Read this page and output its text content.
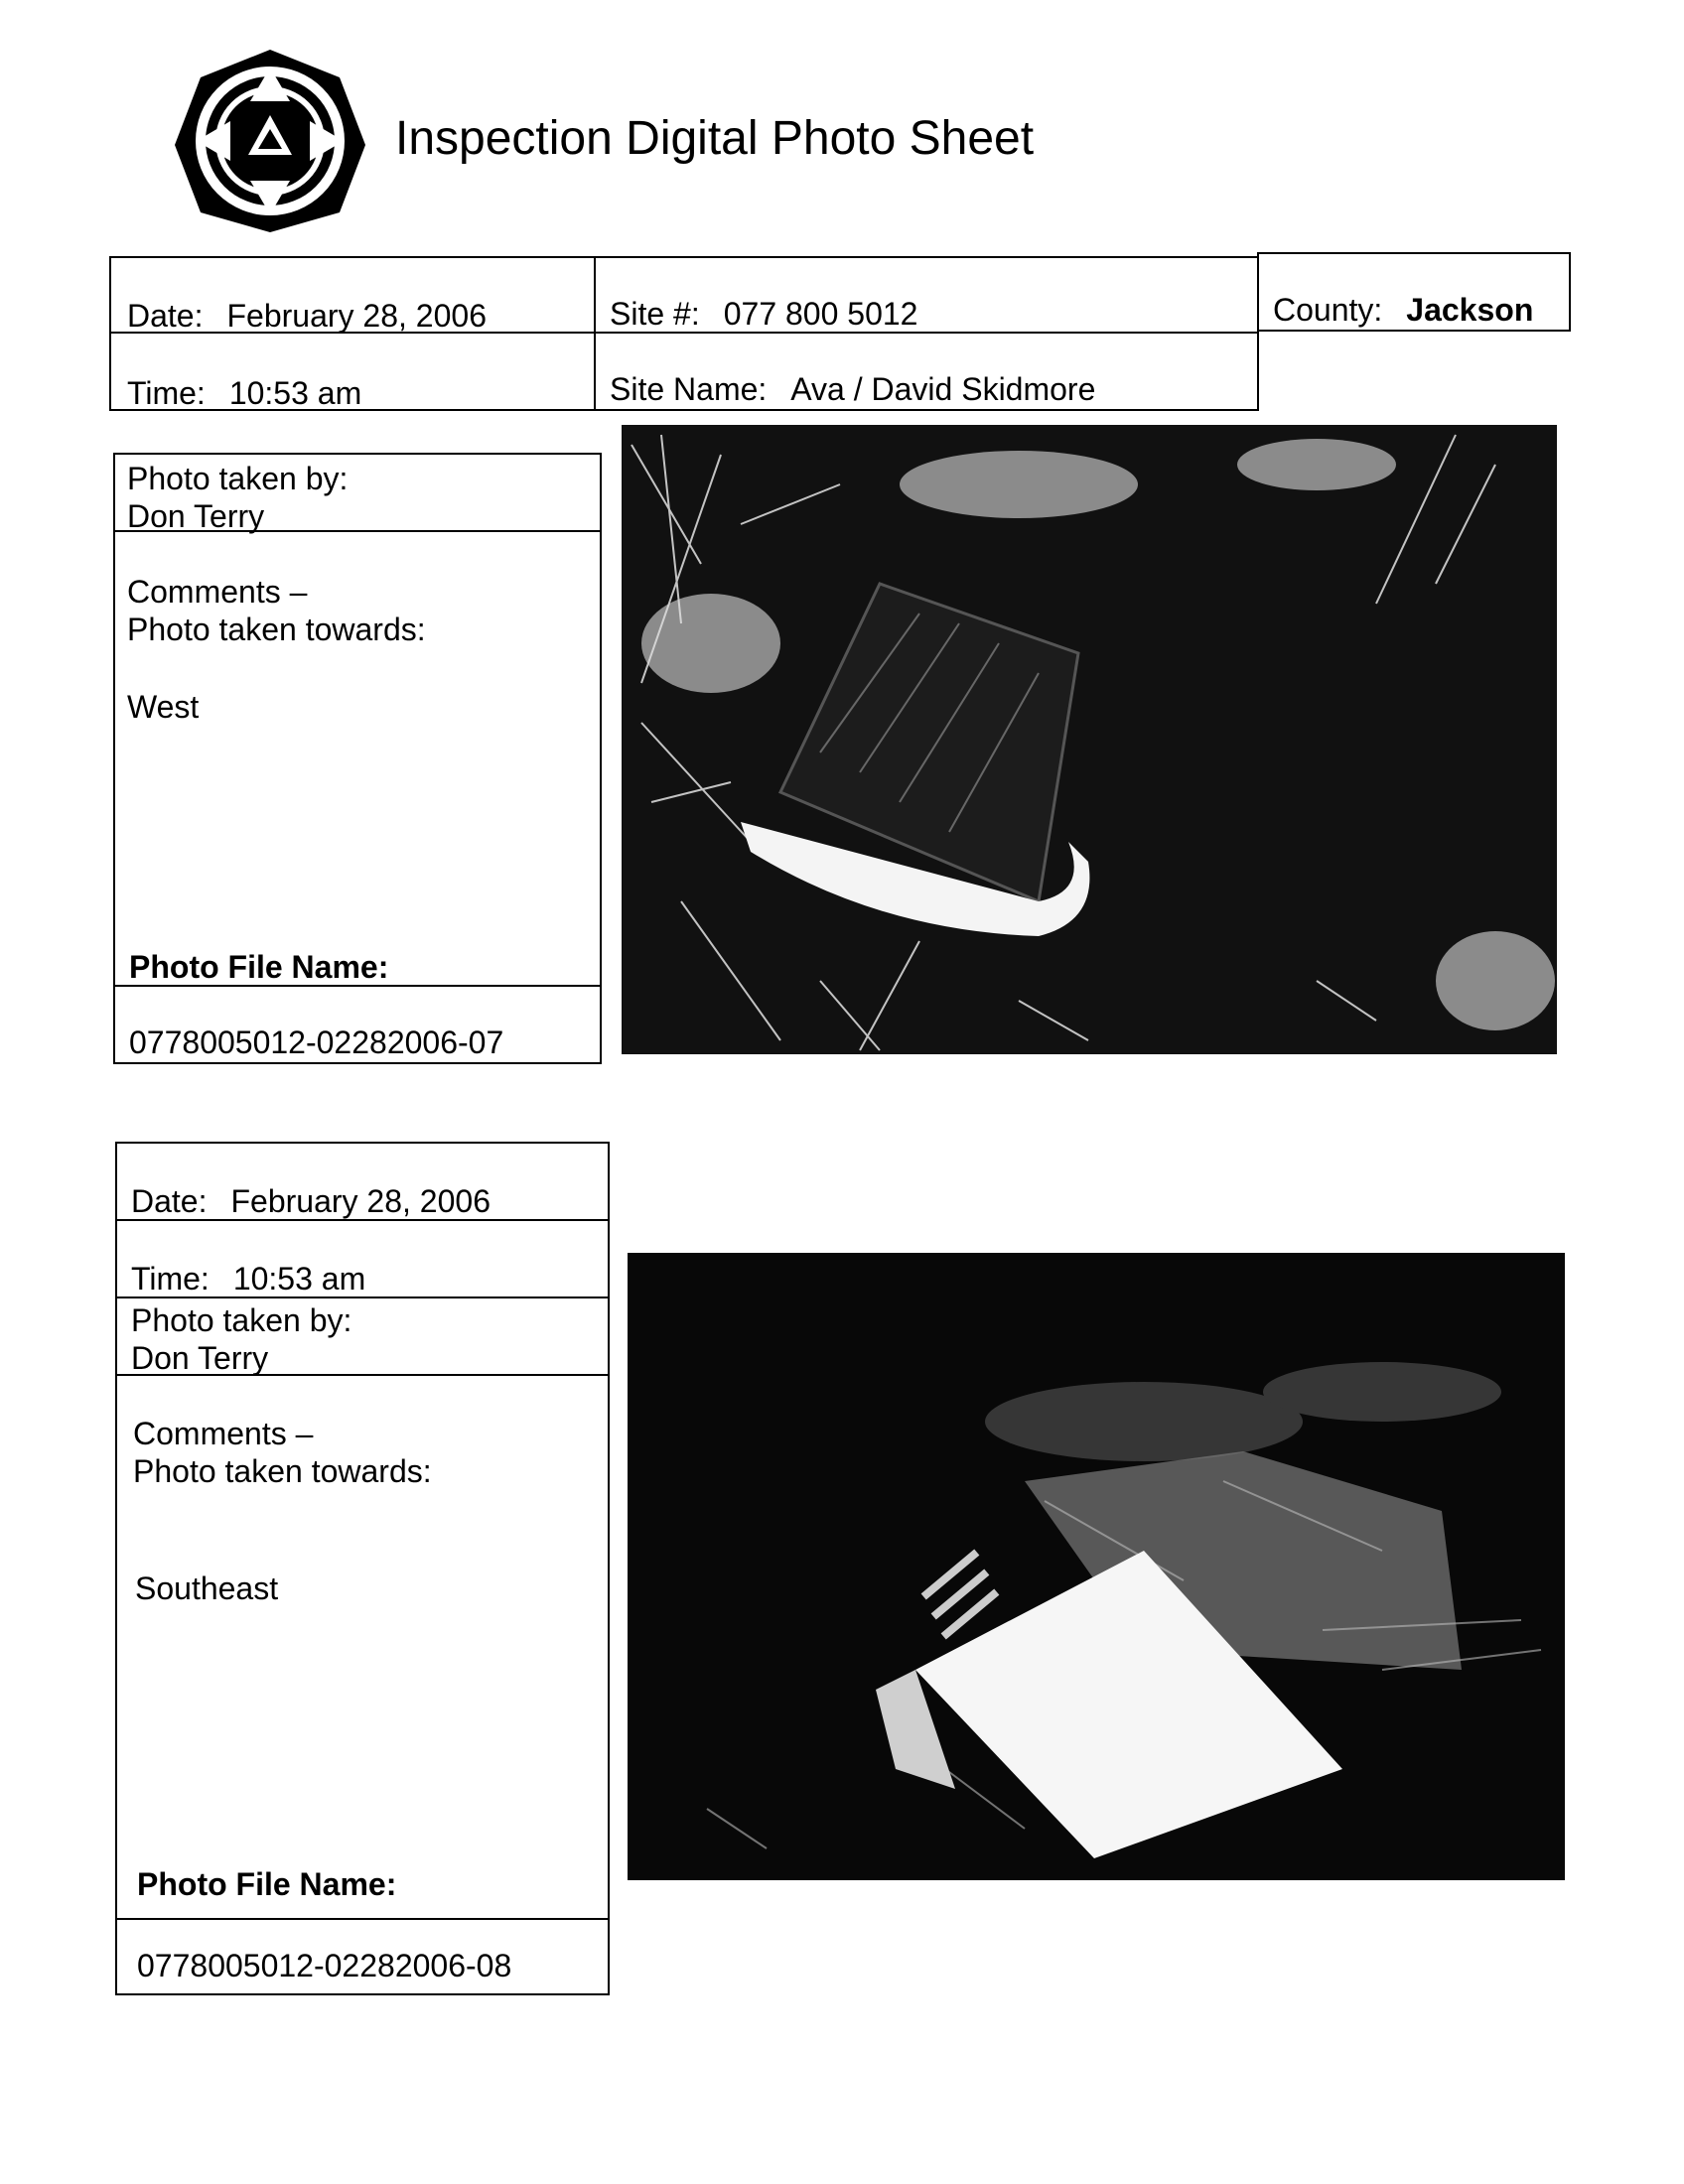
Inspection Digital Photo Sheet
Date: February 28, 2006	Site #: 077 800 5012	County: Jackson
Time: 10:53 am	Site Name: Ava / David Skidmore
Photo taken by:
Don Terry
Comments –
Photo taken towards:
West
Photo File Name:
0778005012-02282006-07
Date: February 28, 2006
Time: 10:53 am
Photo taken by:
Don Terry
Comments –
Photo taken towards:
Southeast
Photo File Name:
0778005012-02282006-08
